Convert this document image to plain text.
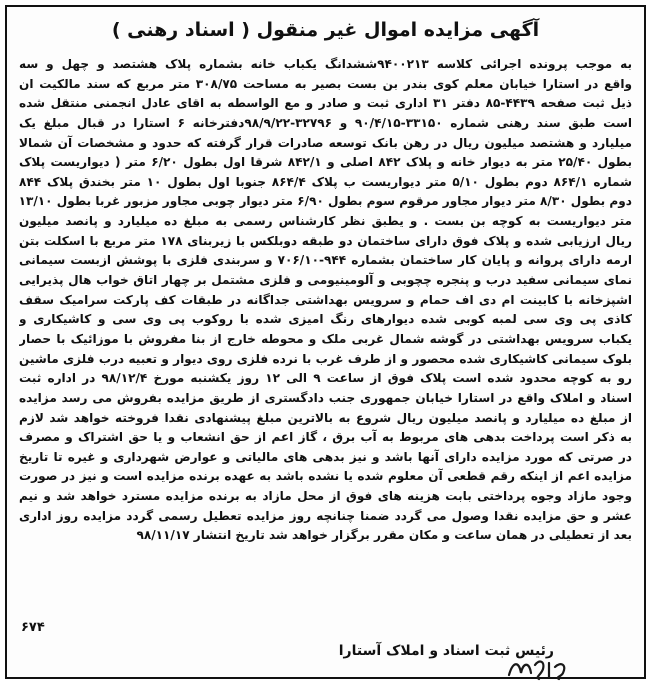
آگهی مزایده اموال غیر منقول ( اسناد رهنی )
به موجب پرونده اجرائی کلاسه ۹۴۰۰۲۱۳ششدانگ یکباب خانه بشماره پلاک هشتصد و چهل و سه
واقع در استارا خیابان معلم کوی بندر بن بست بصیر به مساحت ۳۰۸/۷۵ متر مربع که سند مالکیت ان
ذیل ثبت صفحه ۴۴۳۹-۸۵ دفتر ۳۱ اداری ثبت و صادر و مع الواسطه به اقای عادل انجمنی منتقل شده
است طبق سند رهنی شماره ۳۳۱۵۰-۹۰/۴/۱۵ و ۳۲۷۹۶-۹۸/۹/۲۲دفترخانه ۶ استارا در قبال مبلغ یک
میلیارد و هشتصد میلیون ریال در رهن بانک توسعه صادرات قرار گرفته که حدود و مشخصات آن شمالا
بطول ۲۵/۴۰ متر به دیوار خانه و پلاک ۸۴۲ اصلی و ۸۴۲/۱ شرقا اول بطول ۶/۲۰ متر ( دیواریست پلاک
شماره ۸۶۴/۱ دوم بطول ۵/۱۰ متر دیواریست ب پلاک ۸۶۴/۴ جنوبا اول بطول ۱۰ متر بخندق پلاک ۸۴۴
دوم بطول ۸/۳۰ متر دیوار مجاور مرقوم سوم بطول ۶/۹۰ متر دیوار چوبی مجاور مزبور غربا بطول ۱۳/۱۰
متر دیواریست به کوچه بن بست . و یطبق نظر کارشناس رسمی به مبلغ ده میلیارد و پانصد میلیون
ریال ارزیابی شده و پلاک فوق دارای ساختمان دو طبقه دوبلکس با زیربنای ۱۷۸ متر مربع با اسکلت بتن
ارمه دارای پروانه و پایان کار ساختمان بشماره ۹۴۴-۷۰۶/۱۰ و سربندی فلزی با پوشش ازبست سیمانی
نمای سیمانی سفید درب و پنجره چچوبی و آلومینیومی و فلزی مشتمل بر چهار اتاق خواب هال پذیرایی
اشپزخانه با کابینت ام دی اف حمام و سرویس بهداشتی جداگانه در طبقات کف پارکت سرامیک سقف
کاذی پی وی سی لمبه کوبی شده دیوارهای رنگ امیزی شده با روکوب پی وی سی و کاشیکاری و
یکباب سرویس بهداشتی در گوشه شمال غربی ملک و محوطه خارج از بنا مفروش با موزائیک با حصار
بلوک سیمانی کاشیکاری شده محصور و از طرف غرب با نرده فلزی روی دیوار و تعبیه درب فلزی ماشین
رو به کوچه محدود شده است پلاک فوق از ساعت ۹ الی ۱۲ روز یکشنبه مورخ ۹۸/۱۲/۴ در اداره ثبت
اسناد و املاک واقع در استارا خیابان جمهوری جنب دادگستری از طریق مزایده بفروش می رسد مزایده
از مبلغ ده میلیارد و پانصد میلیون ریال شروع به بالاترین مبلغ پیشنهادی نقدا فروخته خواهد شد لازم
به ذکر است پرداخت بدهی های مربوط به آب برق ، گاز اعم از حق انشعاب و یا حق اشتراک و مصرف
در صرتی که مورد مزایده دارای آنها باشد و نیز بدهی های مالیاتی و عوارض شهرداری و غیره تا تاریخ
مزایده اعم از اینکه رقم قطعی آن معلوم شده یا نشده باشد به عهده برنده مزایده است و نیز در صورت
وجود مازاد وجوه پرداختی بابت هزینه های فوق از محل مازاد به برنده مزایده مسترد خواهد شد و نیم
عشر و حق مزایده نقدا وصول می گردد ضمنا چنانچه روز مزایده تعطیل رسمی گردد مزایده روز اداری
بعد از تعطیلی در همان ساعت و مکان مقرر برگزار خواهد شد تاریخ انتشار ۹۸/۱۱/۱۷
۶۷۴
رئیس ثبت اسناد و املاک آستارا
